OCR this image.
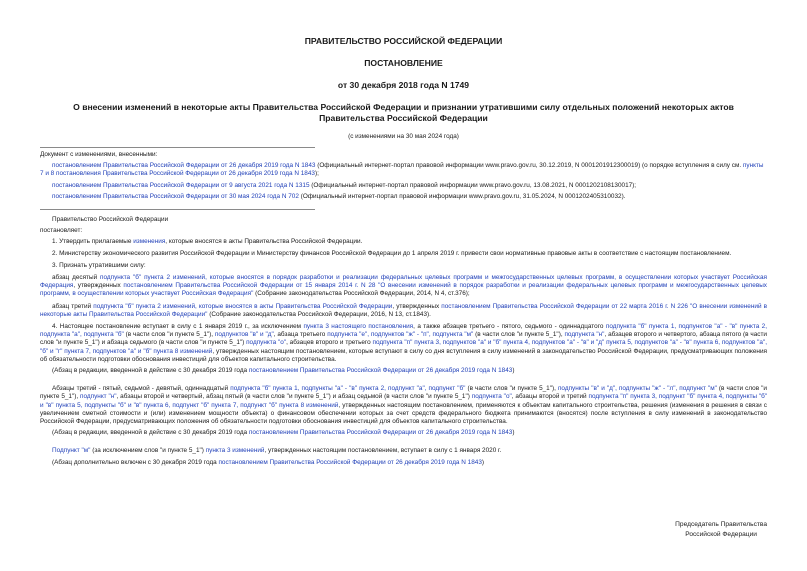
ПРАВИТЕЛЬСТВО РОССИЙСКОЙ ФЕДЕРАЦИИ
ПОСТАНОВЛЕНИЕ
от 30 декабря 2018 года N 1749
О внесении изменений в некоторые акты Правительства Российской Федерации и признании утратившими силу отдельных положений некоторых актов Правительства Российской Федерации
(с изменениями на 30 мая 2024 года)

Документ с изменениями, внесенными:

постановлением Правительства Российской Федерации от 26 декабря 2019 года N 1843 (Официальный интернет-портал правовой информации www.pravo.gov.ru, 30.12.2019, N 0001201912300019) (о порядке вступления в силу см. пункты 7 и 8 постановления Правительства Российской Федерации от 26 декабря 2019 года N 1843);

постановлением Правительства Российской Федерации от 9 августа 2021 года N 1315 (Официальный интернет-портал правовой информации www.pravo.gov.ru, 13.08.2021, N 0001202108130017);

постановлением Правительства Российской Федерации от 30 мая 2024 года N 702 (Официальный интернет-портал правовой информации www.pravo.gov.ru, 31.05.2024, N 0001202405310032).

Правительство Российской Федерации

постановляет:

1. Утвердить прилагаемые изменения, которые вносятся в акты Правительства Российской Федерации.

2. Министерству экономического развития Российской Федерации и Министерству финансов Российской Федерации до 1 апреля 2019 г. привести свои нормативные правовые акты в соответствие с настоящим постановлением.

3. Признать утратившими силу:

абзац десятый подпункта "б" пункта 2 изменений, которые вносятся в порядок разработки и реализации федеральных целевых программ и межгосударственных целевых программ, в осуществлении которых участвует Российская Федерация, утвержденных постановлением Правительства Российской Федерации от 15 января 2014 г. N 28 "О внесении изменений в порядок разработки и реализации федеральных целевых программ и межгосударственных целевых программ, в осуществлении которых участвует Российская Федерация" (Собрание законодательства Российской Федерации, 2014, N 4, ст.376);

абзац третий подпункта "б" пункта 2 изменений, которые вносятся в акты Правительства Российской Федерации, утвержденных постановлением Правительства Российской Федерации от 22 марта 2016 г. N 226 "О внесении изменений в некоторые акты Правительства Российской Федерации" (Собрание законодательства Российской Федерации, 2016, N 13, ст.1843).

4. Настоящее постановление вступает в силу с 1 января 2019 г., за исключением пункта 3 настоящего постановления, а также абзацев третьего - пятого, седьмого - одиннадцатого подпункта "б" пункта 1, подпунктов "а" - "в" пункта 2, подпункта "а", подпункта "б" (в части слов "и пункте 5_1"), подпунктов "в" и "д", абзаца третьего подпункта "е", подпунктов "ж" - "п", подпункта "м" (в части слов "и пункте 5_1"), подпункта "н", абзацев второго и четвертого, абзаца пятого (в части слов "и пункте 5_1") и абзаца седьмого (в части слов "и пункте 5_1") подпункта "о", абзацев второго и третьего подпункта "п" пункта 3, подпунктов "а" и "б" пункта 4, подпунктов "а" - "в" и "д" пункта 5, подпунктов "а" - "в" пункта 6, подпунктов "а", "б" и "г" пункта 7, подпунктов "а" и "б" пункта 8 изменений, утвержденных настоящим постановлением, которые вступают в силу со дня вступления в силу изменений в законодательство Российской Федерации, предусматривающих положения об обязательности подготовки обоснования инвестиций для объектов капитального строительства.

(Абзац в редакции, введенной в действие с 30 декабря 2019 года постановлением Правительства Российской Федерации от 26 декабря 2019 года N 1843)

Абзацы третий - пятый, седьмой - девятый, одиннадцатый подпункта "б" пункта 1, подпункты "а" - "в" пункта 2, подпункт "а", подпункт "б" (в части слов "и пункте 5_1"), подпункты "в" и "д", подпункты "ж" - "л", подпункт "м" (в части слов "и пункте 5_1"), подпункт "н", абзацы второй и четвертый, абзац пятый (в части слов "и пункте 5_1") и абзац седьмой (в части слов "и пункте 5_1") подпункта "о", абзацы второй и третий подпункта "п" пункта 3, подпункт "б" пункта 4, подпункты "б" и "в" пункта 5, подпункты "б" и "в" пункта 6, подпункт "б" пункта 7, подпункт "б" пункта 8 изменений, утвержденных настоящим постановлением, применяются к объектам капитального строительства, решения (изменения в решения в связи с увеличением сметной стоимости и (или) изменением мощности объекта) о финансовом обеспечении которых за счет средств федерального бюджета принимаются (вносятся) после вступления в силу изменений в законодательство Российской Федерации, предусматривающих положения об обязательности подготовки обоснования инвестиций для объектов капитального строительства.

(Абзац в редакции, введенной в действие с 30 декабря 2019 года постановлением Правительства Российской Федерации от 26 декабря 2019 года N 1843)

Подпункт "м" (за исключением слов "и пункте 5_1") пункта 3 изменений, утвержденных настоящим постановлением, вступает в силу с 1 января 2020 г.

(Абзац дополнительно включен с 30 декабря 2019 года постановлением Правительства Российской Федерации от 26 декабря 2019 года N 1843)

Председатель Правительства
Российской Федерации
